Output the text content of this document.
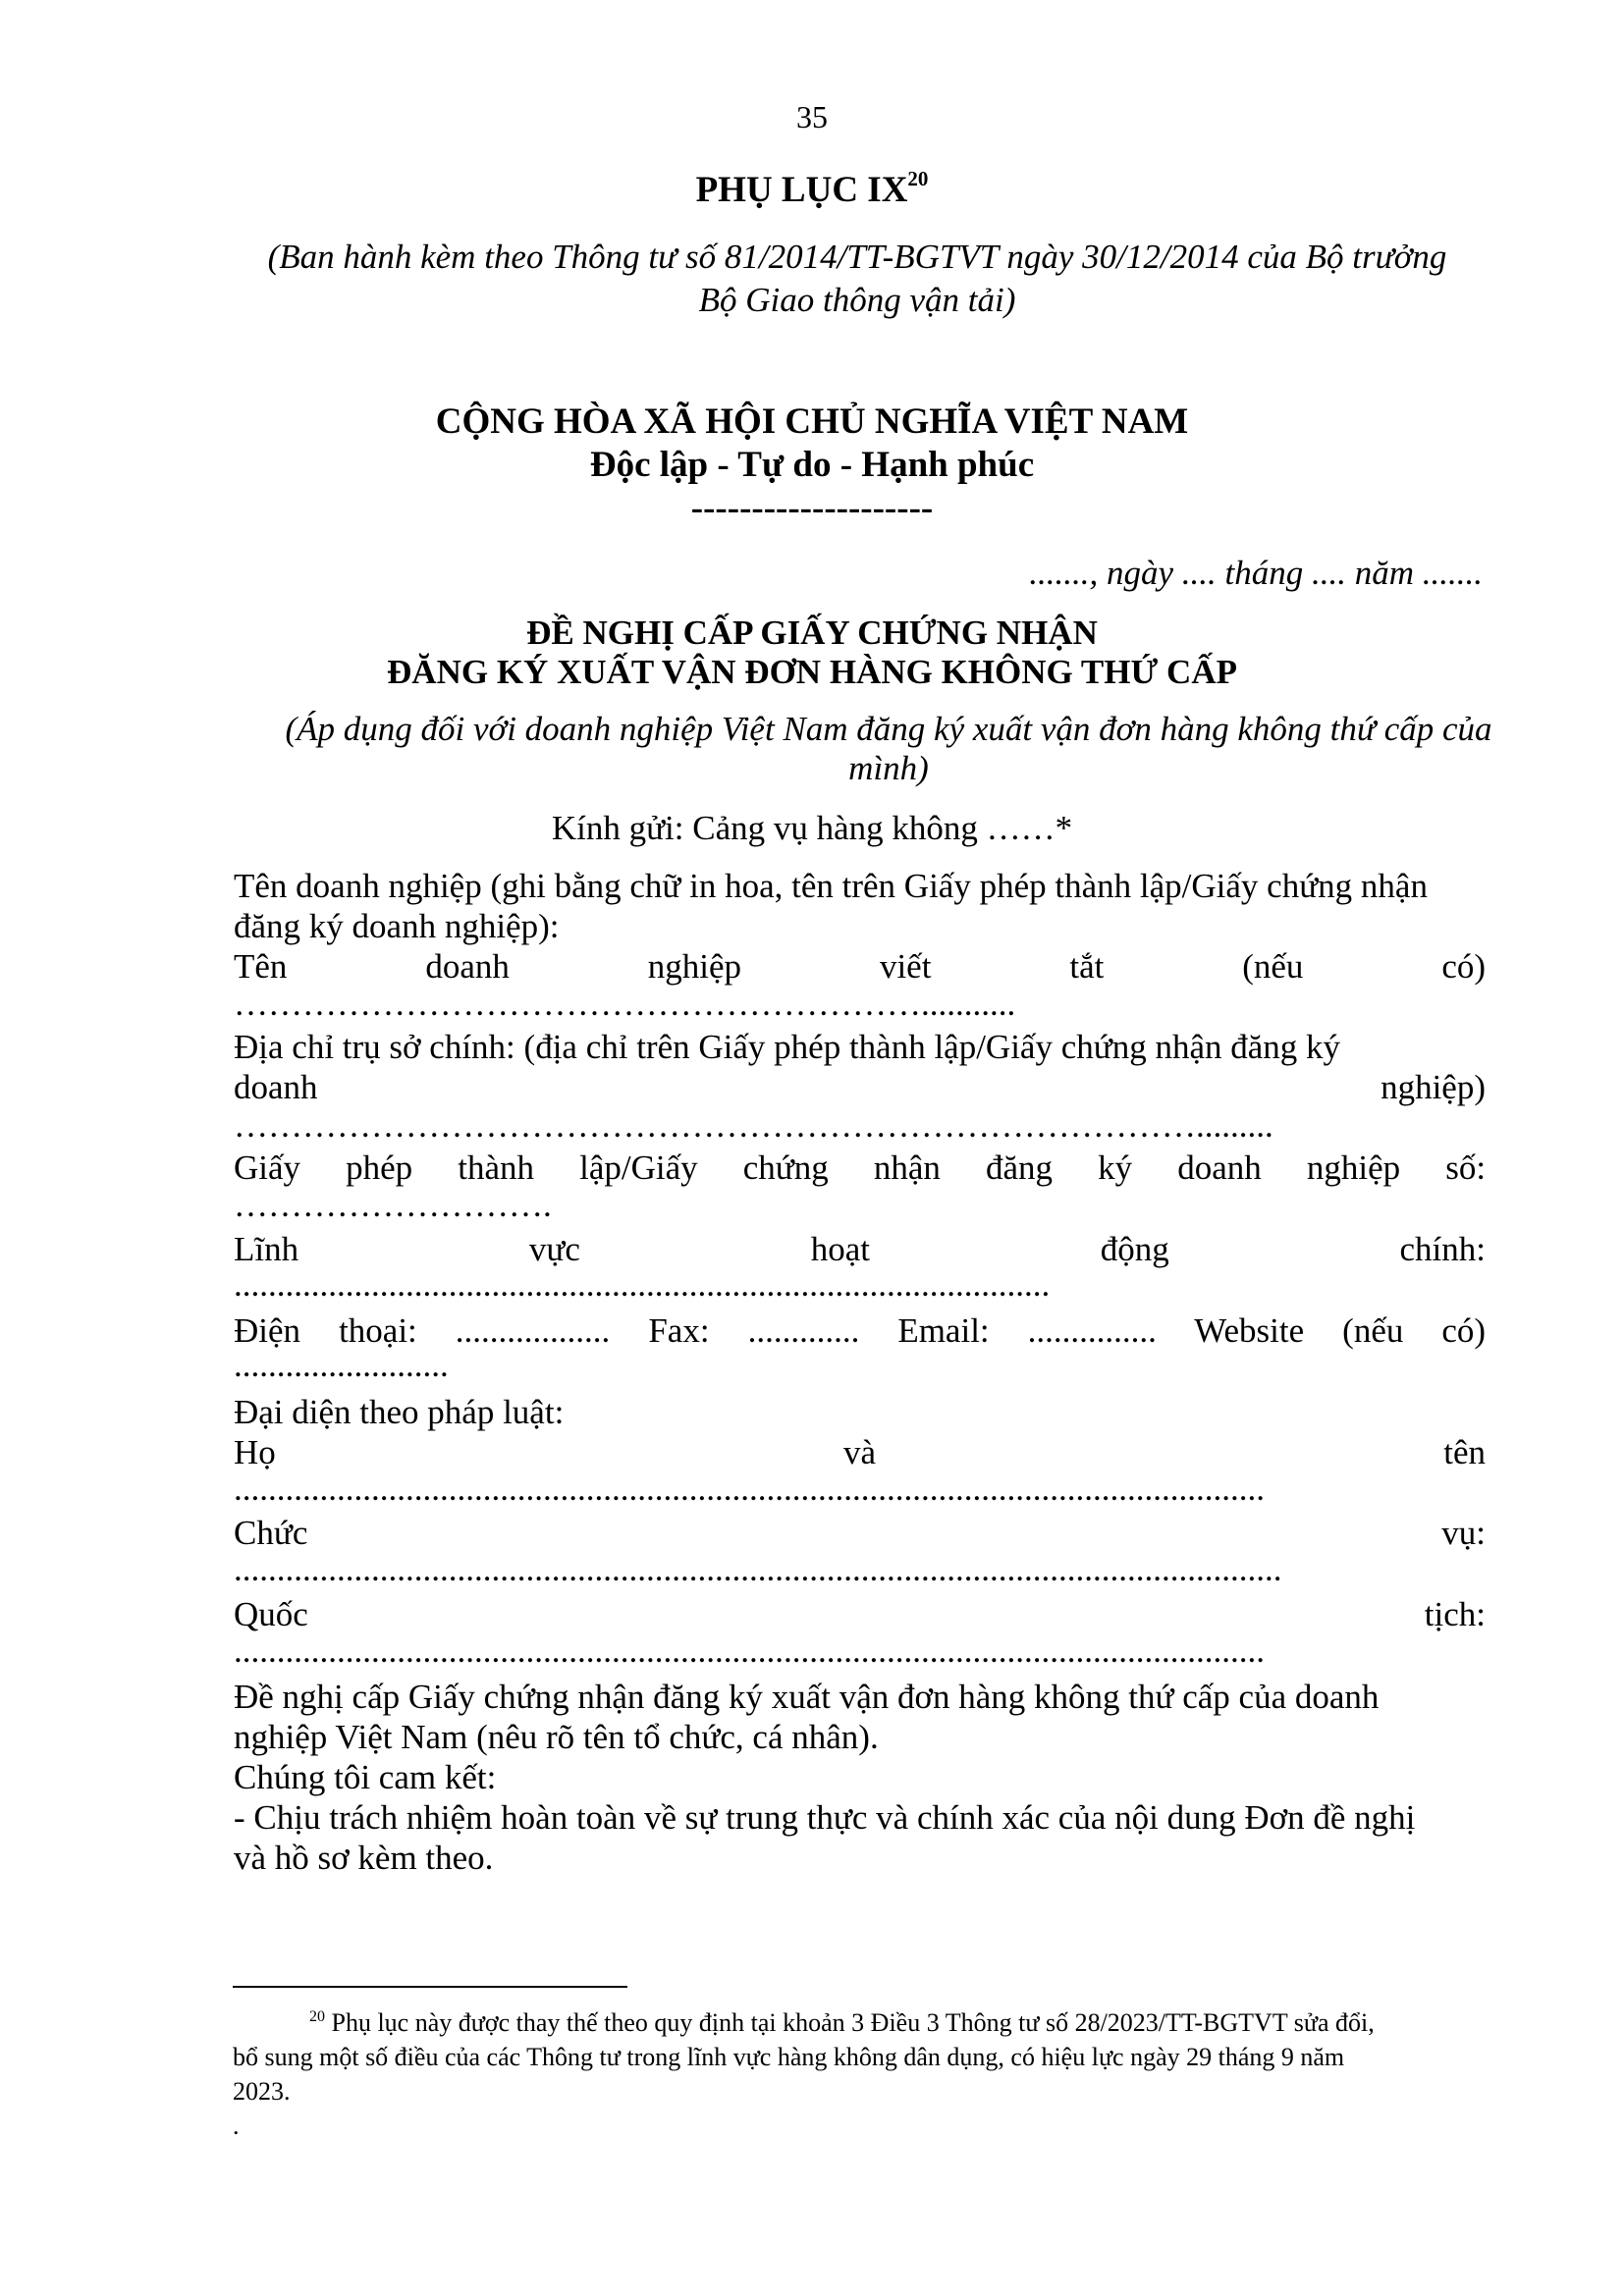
35
PHỤ LỤC IX$^{20}$
(Ban hành kèm theo Thông tư số 81/2014/TT-BGTVT ngày 30/12/2014 của Bộ trưởng
Bộ Giao thông vận tải)
CỘNG HÒA XÃ HỘI CHỦ NGHĨA VIỆT NAM
Độc lập - Tự do - Hạnh phúc
--------------------
......., ngày .... tháng .... năm .......
ĐỀ NGHỊ CẤP GIẤY CHỨNG NHẬN
ĐĂNG KÝ XUẤT VẬN ĐƠN HÀNG KHÔNG THỨ CẤP
(Áp dụng đối với doanh nghiệp Việt Nam đăng ký xuất vận đơn hàng không thứ cấp của
mình)
Kính gửi: Cảng vụ hàng không ……*
Tên doanh nghiệp (ghi bằng chữ in hoa, tên trên Giấy phép thành lập/Giấy chứng nhận
đăng ký doanh nghiệp):
Tên	doanh	nghiệp	viết	tắt	(nếu	có)
……………………………………………………...........
Địa chỉ trụ sở chính: (địa chỉ trên Giấy phép thành lập/Giấy chứng nhận đăng ký
doanh	nghiệp)
………………………………………………………………………….........
Giấy phép thành lập/Giấy chứng nhận đăng ký doanh nghiệp số:
……………………….
Lĩnh	vực	hoạt	động	chính:
...............................................................................................
Điện thoại: .................. Fax: ............. Email: ............... Website (nếu có)
.........................
Đại diện theo pháp luật:
Họ	và	tên
........................................................................................................................
Chức	vụ:
..........................................................................................................................
Quốc	tịch:
........................................................................................................................
Đề nghị cấp Giấy chứng nhận đăng ký xuất vận đơn hàng không thứ cấp của doanh
nghiệp Việt Nam (nêu rõ tên tổ chức, cá nhân).
Chúng tôi cam kết:
- Chịu trách nhiệm hoàn toàn về sự trung thực và chính xác của nội dung Đơn đề nghị
và hồ sơ kèm theo.
$^{20}$ Phụ lục này được thay thế theo quy định tại khoản 3 Điều 3 Thông tư số 28/2023/TT-BGTVT sửa đổi,
bổ sung một số điều của các Thông tư trong lĩnh vực hàng không dân dụng, có hiệu lực ngày 29 tháng 9 năm
2023.
.
